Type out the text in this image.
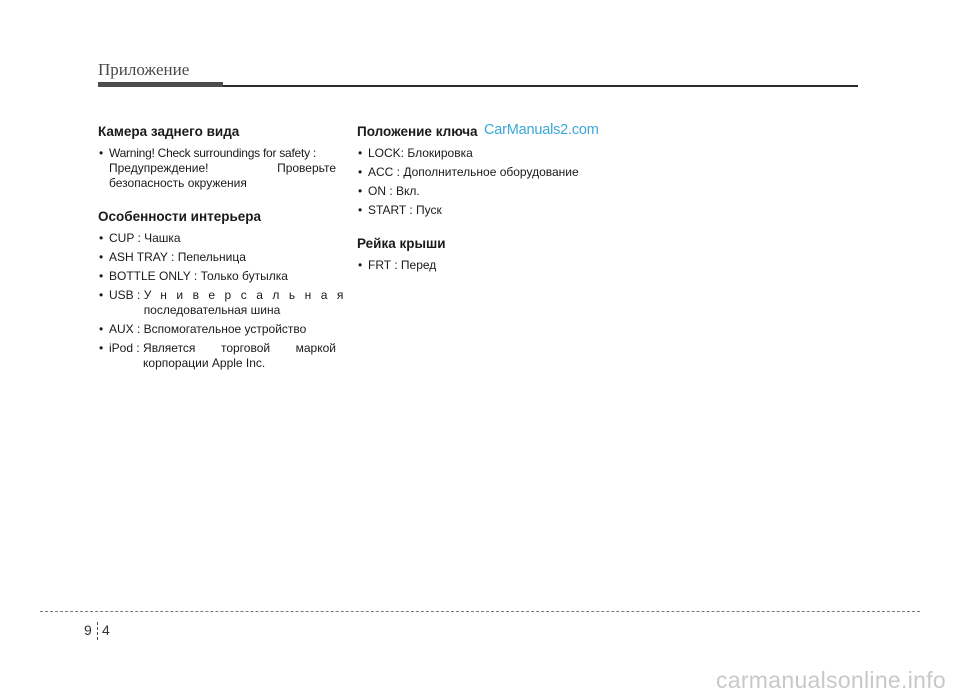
Приложение
Камера заднего вида
• Warning! Check surroundings for safety :

Предупреждение!	Проверьте
безопасность окружения
Особенности интерьера
• CUP : Чашка
• ASH TRAY : Пепельница
• BOTTLE ONLY : Только бутылка
• USB : Универсальная
последовательная шина
• AUX : Вспомогательное устройство
• iPod : Является торговой маркой
корпорации Apple Inc.
Положение ключа
• LOCK: Блокировка
• ACC : Дополнительное оборудование
• ON : Вкл.
• START : Пуск
Рейка крыши
• FRT : Перед
CarManuals2.com
9 4
carmanualsonline.info
